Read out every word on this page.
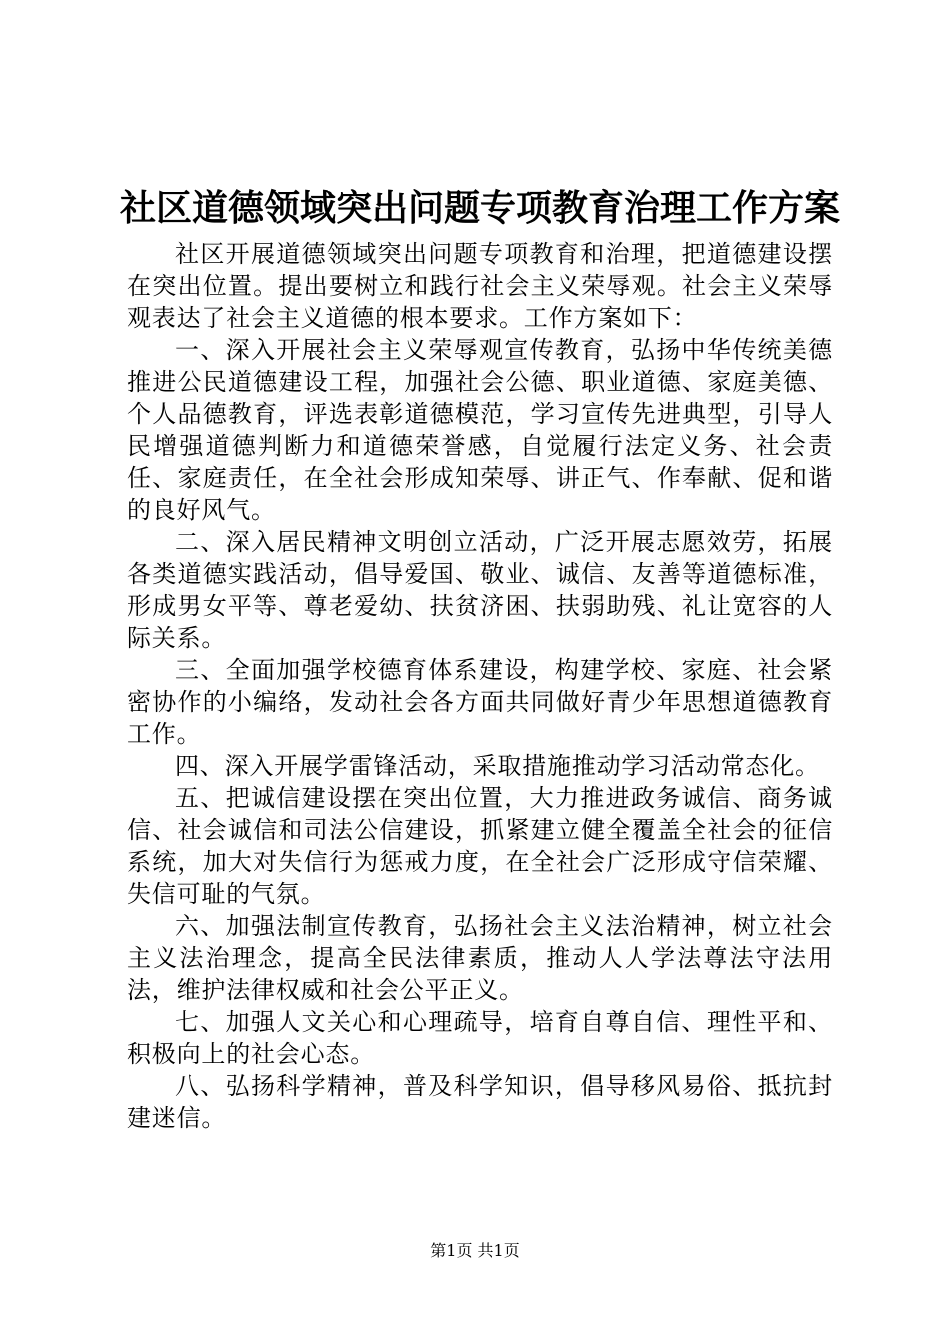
社区道德领域突出问题专项教育治理工作方案

社区开展道德领域突出问题专项教育和治理，把道德建设摆在突出位置。提出要树立和践行社会主义荣辱观。社会主义荣辱观表达了社会主义道德的根本要求。工作方案如下：

一、深入开展社会主义荣辱观宣传教育，弘扬中华传统美德推进公民道德建设工程，加强社会公德、职业道德、家庭美德、个人品德教育，评选表彰道德模范，学习宣传先进典型，引导人民增强道德判断力和道德荣誉感，自觉履行法定义务、社会责任、家庭责任，在全社会形成知荣辱、讲正气、作奉献、促和谐的良好风气。

二、深入居民精神文明创立活动，广泛开展志愿效劳，拓展各类道德实践活动，倡导爱国、敬业、诚信、友善等道德标准，形成男女平等、尊老爱幼、扶贫济困、扶弱助残、礼让宽容的人际关系。

三、全面加强学校德育体系建设，构建学校、家庭、社会紧密协作的小编络，发动社会各方面共同做好青少年思想道德教育工作。

四、深入开展学雷锋活动，采取措施推动学习活动常态化。

五、把诚信建设摆在突出位置，大力推进政务诚信、商务诚信、社会诚信和司法公信建设，抓紧建立健全覆盖全社会的征信系统，加大对失信行为惩戒力度，在全社会广泛形成守信荣耀、失信可耻的气氛。

六、加强法制宣传教育，弘扬社会主义法治精神，树立社会主义法治理念，提高全民法律素质，推动人人学法尊法守法用法，维护法律权威和社会公平正义。

七、加强人文关心和心理疏导，培育自尊自信、理性平和、积极向上的社会心态。

八、弘扬科学精神，普及科学知识，倡导移风易俗、抵抗封建迷信。

第1页 共1页
